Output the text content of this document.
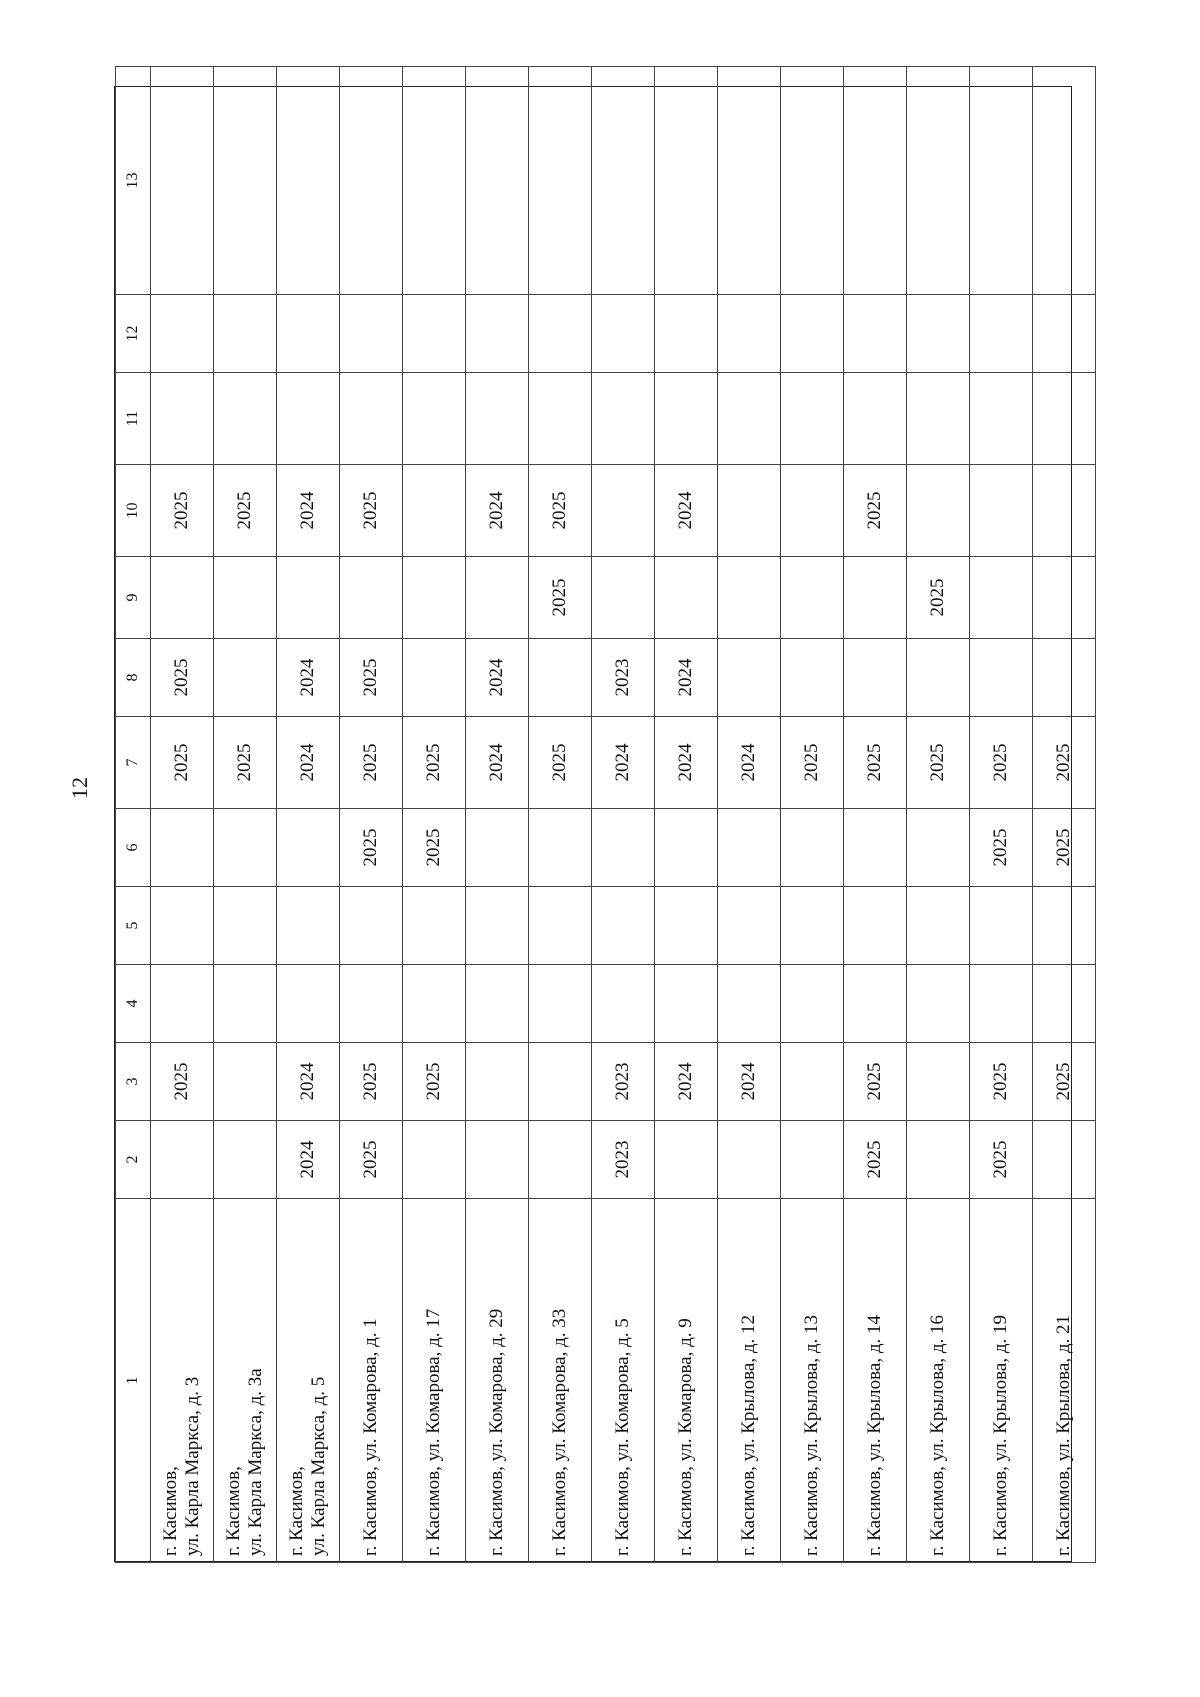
12
1	2	3	4	5	6	7	8	9	10	11	12	13
г. Касимов,
ул. Карла Маркса, д. 3		2025				2025	2025		2025			
г. Касимов,
ул. Карла Маркса, д. 3а						2025			2025			
г. Касимов,
ул. Карла Маркса, д. 5	2024	2024				2024	2024		2024			
г. Касимов, ул. Комарова, д. 1	2025	2025			2025	2025	2025		2025			
г. Касимов, ул. Комарова, д. 17		2025			2025	2025						
г. Касимов, ул. Комарова, д. 29						2024	2024		2024			
г. Касимов, ул. Комарова, д. 33						2025		2025	2025			
г. Касимов, ул. Комарова, д. 5	2023	2023				2024	2023					
г. Касимов, ул. Комарова, д. 9		2024				2024	2024		2024			
г. Касимов, ул. Крылова, д. 12		2024				2024						
г. Касимов, ул. Крылова, д. 13						2025						
г. Касимов, ул. Крылова, д. 14	2025	2025				2025			2025			
г. Касимов, ул. Крылова, д. 16						2025		2025				
г. Касимов, ул. Крылова, д. 19	2025	2025			2025	2025						
г. Касимов, ул. Крылова, д. 21		2025			2025	2025						
